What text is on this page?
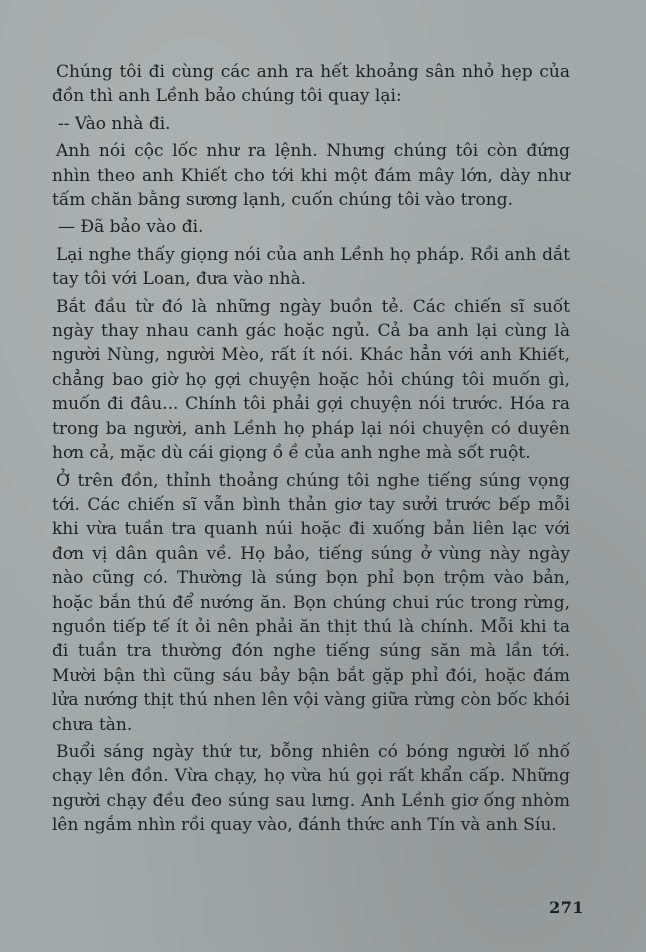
Chúng tôi đi cùng các anh ra hết khoảng sân nhỏ hẹp của đồn thì anh Lềnh bảo chúng tôi quay lại:

-- Vào nhà đi.

Anh nói cộc lốc như ra lệnh. Nhưng chúng tôi còn đứng nhìn theo anh Khiết cho tới khi một đám mây lớn, dày như tấm chăn bằng sương lạnh, cuốn chúng tôi vào trong.

— Đã bảo vào đi.

Lại nghe thấy giọng nói của anh Lềnh họ pháp. Rồi anh dắt tay tôi với Loan, đưa vào nhà.

Bắt đầu từ đó là những ngày buồn tẻ. Các chiến sĩ suốt ngày thay nhau canh gác hoặc ngủ. Cả ba anh lại cùng là người Nùng, người Mèo, rất ít nói. Khác hẳn với anh Khiết, chẳng bao giờ họ gợi chuyện hoặc hỏi chúng tôi muốn gì, muốn đi đâu... Chính tôi phải gợi chuyện nói trước. Hóa ra trong ba người, anh Lềnh họ pháp lại nói chuyện có duyên hơn cả, mặc dù cái giọng ồ ề của anh nghe mà sốt ruột.

Ở trên đồn, thỉnh thoảng chúng tôi nghe tiếng súng vọng tới. Các chiến sĩ vẫn bình thản giơ tay sưởi trước bếp mỗi khi vừa tuần tra quanh núi hoặc đi xuống bản liên lạc với đơn vị dân quân về. Họ bảo, tiếng súng ở vùng này ngày nào cũng có. Thường là súng bọn phỉ bọn trộm vào bản, hoặc bắn thú để nướng ăn. Bọn chúng chui rúc trong rừng, nguồn tiếp tế ít ỏi nên phải ăn thịt thú là chính. Mỗi khi ta đi tuần tra thường đón nghe tiếng súng săn mà lần tới. Mười bận thì cũng sáu bảy bận bắt gặp phỉ đói, hoặc đám lửa nướng thịt thú nhen lên vội vàng giữa rừng còn bốc khói chưa tàn.

Buổi sáng ngày thứ tư, bỗng nhiên có bóng người lố nhố chạy lên đồn. Vừa chạy, họ vừa hú gọi rất khẩn cấp. Những người chạy đều đeo súng sau lưng. Anh Lềnh giơ ống nhòm lên ngắm nhìn rồi quay vào, đánh thức anh Tín và anh Síu.

271
